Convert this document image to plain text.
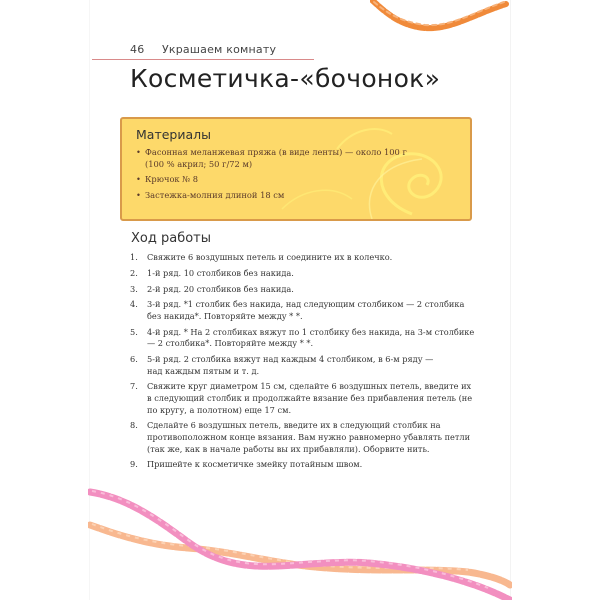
46 Украшаем комнату
Косметичка-«бочонок»
Материалы
• Фасонная меланжевая пряжа (в виде ленты) — около 100 г (100 % акрил; 50 г/72 м)
• Крючок № 8
• Застежка-молния длиной 18 см
Ход работы
1. Свяжите 6 воздушных петель и соедините их в колечко.
2. 1-й ряд. 10 столбиков без накида.
3. 2-й ряд. 20 столбиков без накида.
4. 3-й ряд. *1 столбик без накида, над следующим столбиком — 2 столбика без накида*. Повторяйте между * *.
5. 4-й ряд. * На 2 столбиках вяжут по 1 столбику без накида, на 3-м столбике — 2 столбика*. Повторяйте между * *.
6. 5-й ряд. 2 столбика вяжут над каждым 4 столбиком, в 6-м ряду — над каждым пятым и т. д.
7. Свяжите круг диаметром 15 см, сделайте 6 воздушных петель, введите их в следующий столбик и продолжайте вязание без прибавления петель (не по кругу, а полотном) еще 17 см.
8. Сделайте 6 воздушных петель, введите их в следующий столбик на противоположном конце вязания. Вам нужно равномерно убавлять петли (так же, как в начале работы вы их прибавляли). Оборвите нить.
9. Пришейте к косметичке змейку потайным швом.
